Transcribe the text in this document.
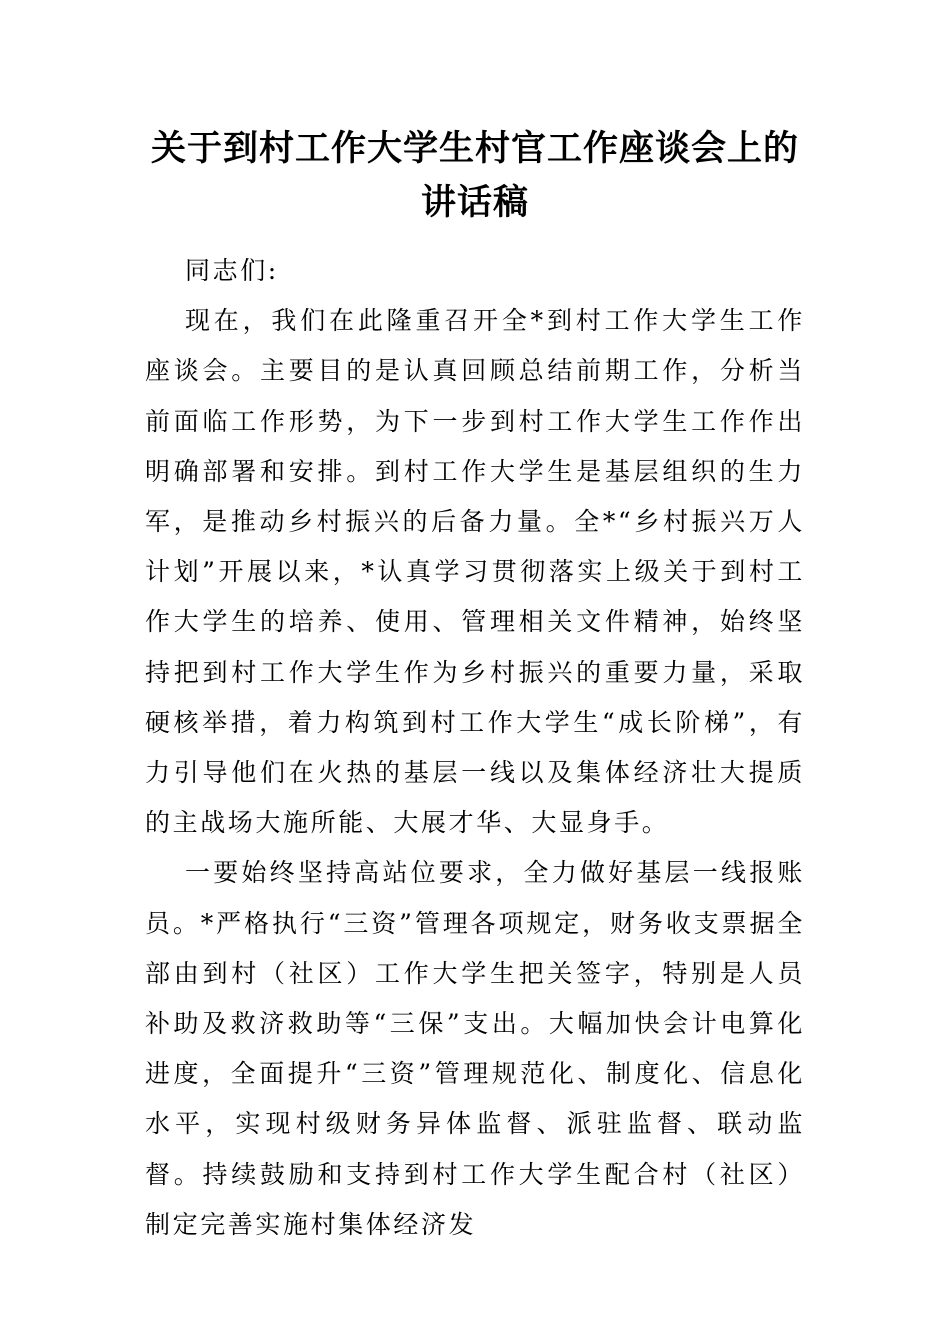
关于到村工作大学生村官工作座谈会上的
讲话稿

同志们:

现在，我们在此隆重召开全*到村工作大学生工作座谈会。主要目的是认真回顾总结前期工作，分析当前面临工作形势，为下一步到村工作大学生工作作出明确部署和安排。到村工作大学生是基层组织的生力军，是推动乡村振兴的后备力量。全*“乡村振兴万人计划”开展以来，*认真学习贯彻落实上级关于到村工作大学生的培养、使用、管理相关文件精神，始终坚持把到村工作大学生作为乡村振兴的重要力量，采取硬核举措，着力构筑到村工作大学生“成长阶梯”，有力引导他们在火热的基层一线以及集体经济壮大提质的主战场大施所能、大展才华、大显身手。

一要始终坚持高站位要求，全力做好基层一线报账员。*严格执行“三资”管理各项规定，财务收支票据全部由到村（社区）工作大学生把关签字，特别是人员补助及救济救助等“三保”支出。大幅加快会计电算化进度，全面提升“三资”管理规范化、制度化、信息化水平，实现村级财务异体监督、派驻监督、联动监督。持续鼓励和支持到村工作大学生配合村（社区）制定完善实施村集体经济发
